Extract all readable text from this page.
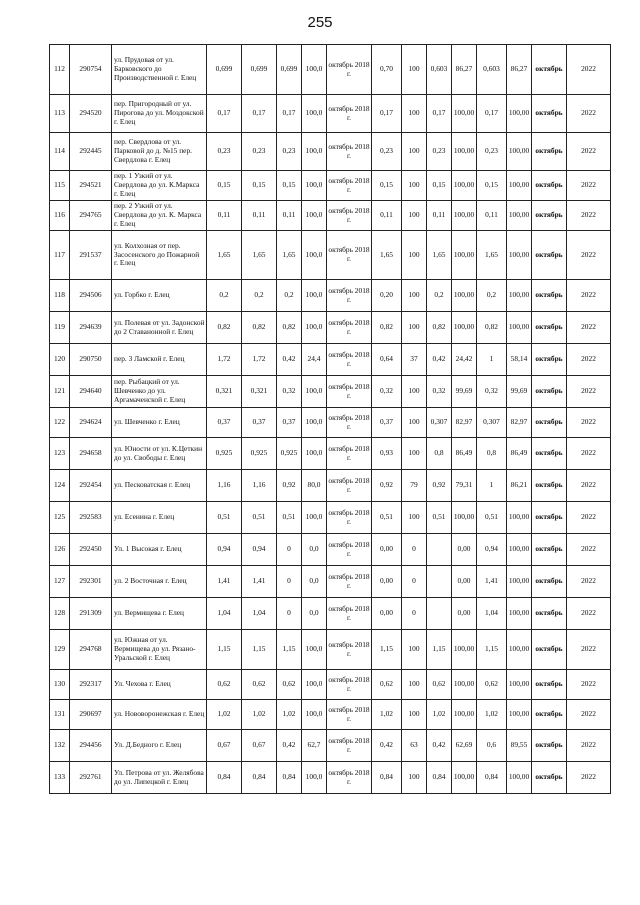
255
112	290754	ул. Прудовая от ул. Барковского до Производственной г. Елец	0,699	0,699	0,699	100,0	октябрь 2018г.	0,70	100	0,603	86,27	0,603	86,27	октябрь	2022
113	294520	пер. Пригородный от ул. Пирогова до ул. Моздокской г. Елец	0,17	0,17	0,17	100,0	октябрь 2018г.	0,17	100	0,17	100,00	0,17	100,00	октябрь	2022
114	292445	пер. Свердлова от ул. Парковой до д. №15 пер. Свердлова г. Елец	0,23	0,23	0,23	100,0	октябрь 2018г.	0,23	100	0,23	100,00	0,23	100,00	октябрь	2022
115	294521	пер. 1 Узкий от ул. Свердлова до ул. К.Маркса г. Елец	0,15	0,15	0,15	100,0	октябрь 2018г.	0,15	100	0,15	100,00	0,15	100,00	октябрь	2022
116	294765	пер. 2 Узкий от ул. Свердлова до ул. К. Маркса г. Елец	0,11	0,11	0,11	100,0	октябрь 2018г.	0,11	100	0,11	100,00	0,11	100,00	октябрь	2022
117	291537	ул. Колхозная от пер. Засосенского до Пожарной г. Елец	1,65	1,65	1,65	100,0	октябрь 2018г.	1,65	100	1,65	100,00	1,65	100,00	октябрь	2022
118	294506	ул. Горбко г. Елец	0,2	0,2	0,2	100,0	октябрь 2018г.	0,20	100	0,2	100,00	0,2	100,00	октябрь	2022
119	294639	ул. Полевая от ул. Задонской до 2 Ставанонной г. Елец	0,82	0,82	0,82	100,0	октябрь 2018г.	0,82	100	0,82	100,00	0,82	100,00	октябрь	2022
120	290750	пер. 3 Ламской г. Елец	1,72	1,72	0,42	24,4	октябрь 2018г.	0,64	37	0,42	24,42	1	58,14	октябрь	2022
121	294640	пер. Рыбацкий от ул. Шевченко до ул. Аргамаченской г. Елец	0,321	0,321	0,32	100,0	октябрь 2018г.	0,32	100	0,32	99,69	0,32	99,69	октябрь	2022
122	294624	ул. Шевченко г. Елец	0,37	0,37	0,37	100,0	октябрь 2018г.	0,37	100	0,307	82,97	0,307	82,97	октябрь	2022
123	294658	ул. Юности от ул. К.Цеткин до ул. Свободы г. Елец	0,925	0,925	0,925	100,0	октябрь 2018г.	0,93	100	0,8	86,49	0,8	86,49	октябрь	2022
124	292454	ул. Песковатская г. Елец	1,16	1,16	0,92	80,0	октябрь 2018г.	0,92	79	0,92	79,31	1	86,21	октябрь	2022
125	292583	ул. Есенина г. Елец	0,51	0,51	0,51	100,0	октябрь 2018г.	0,51	100	0,51	100,00	0,51	100,00	октябрь	2022
126	292450	Ул. 1 Высокая г. Елец	0,94	0,94	0	0,0	октябрь 2018г.	0,00	0		0,00	0,94	100,00	октябрь	2022
127	292301	ул. 2 Восточная г. Елец	1,41	1,41	0	0,0	октябрь 2018г.	0,00	0		0,00	1,41	100,00	октябрь	2022
128	291309	ул. Вермищева г. Елец	1,04	1,04	0	0,0	октябрь 2018г.	0,00	0		0,00	1,04	100,00	октябрь	2022
129	294768	ул. Южная от ул. Вермищева до ул. Рязано-Уральской г. Елец	1,15	1,15	1,15	100,0	октябрь 2018г.	1,15	100	1,15	100,00	1,15	100,00	октябрь	2022
130	292317	Ул. Чехова г. Елец	0,62	0,62	0,62	100,0	октябрь 2018г.	0,62	100	0,62	100,00	0,62	100,00	октябрь	2022
131	290697	ул. Нововоронежская г. Елец	1,02	1,02	1,02	100,0	октябрь 2018г.	1,02	100	1,02	100,00	1,02	100,00	октябрь	2022
132	294456	Ул. Д.Бедного г. Елец	0,67	0,67	0,42	62,7	октябрь 2018г.	0,42	63	0,42	62,69	0,6	89,55	октябрь	2022
133	292761	Ул. Петрова от ул. Желябова до ул. Липецкой г. Елец	0,84	0,84	0,84	100,0	октябрь 2018г.	0,84	100	0,84	100,00	0,84	100,00	октябрь	2022
